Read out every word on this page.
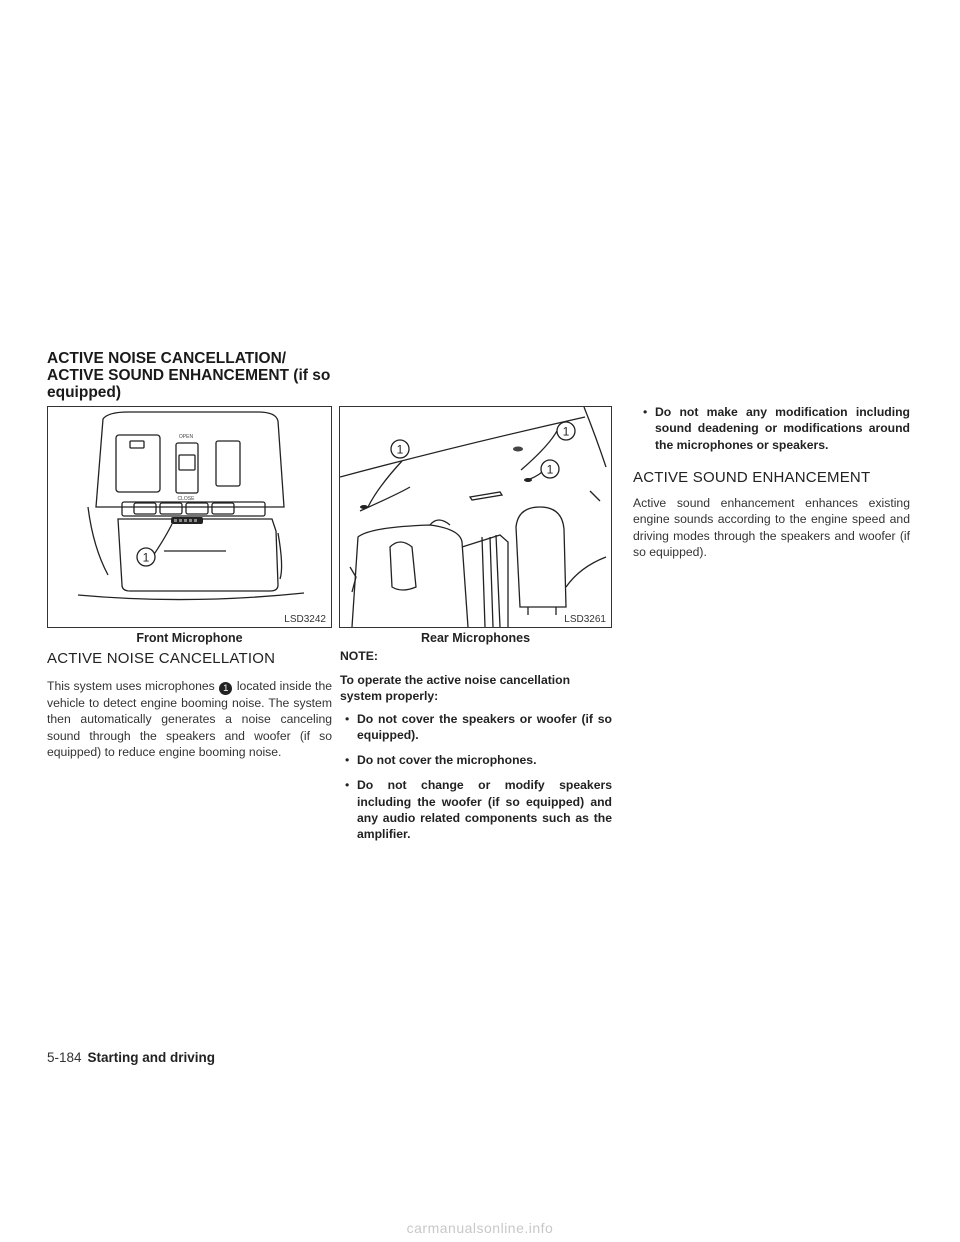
ACTIVE NOISE CANCELLATION/ ACTIVE SOUND ENHANCEMENT (if so equipped)
1
OPEN
CLOSE
LSD3242
Front Microphone
1
1
1
LSD3261
Rear Microphones
ACTIVE NOISE CANCELLATION
This system uses microphones 1 located inside the vehicle to detect engine booming noise. The system then automatically generates a noise canceling sound through the speakers and woofer (if so equipped) to reduce engine booming noise.
NOTE:
To operate the active noise cancellation system properly:
• Do not cover the speakers or woofer (if so equipped).
• Do not cover the microphones.
• Do not change or modify speakers including the woofer (if so equipped) and any audio related components such as the amplifier.
• Do not make any modification including sound deadening or modifications around the microphones or speakers.
ACTIVE SOUND ENHANCEMENT
Active sound enhancement enhances existing engine sounds according to the engine speed and driving modes through the speakers and woofer (if so equipped).
5-184 Starting and driving
carmanualsonline.info
